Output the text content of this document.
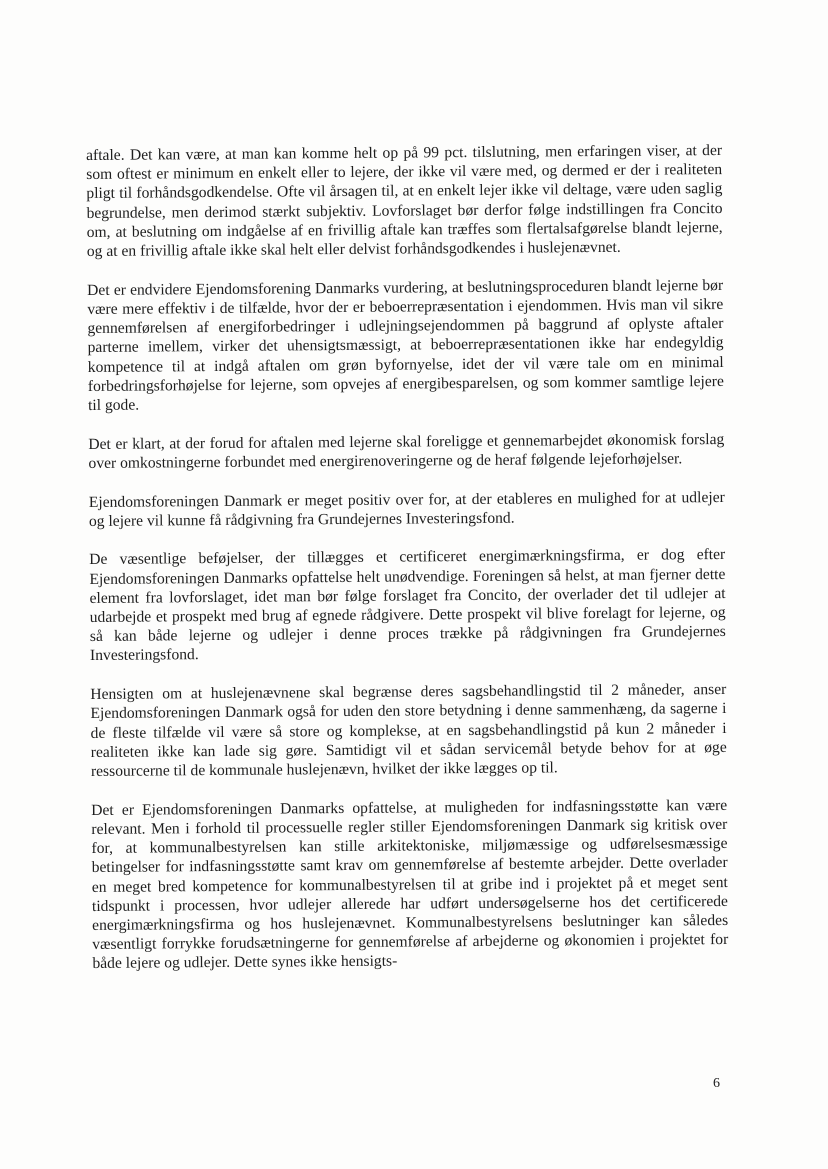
aftale. Det kan være, at man kan komme helt op på 99 pct. tilslutning, men erfaringen viser, at der som oftest er minimum en enkelt eller to lejere, der ikke vil være med, og dermed er der i realiteten pligt til forhåndsgodkendelse. Ofte vil årsagen til, at en enkelt lejer ikke vil deltage, være uden saglig begrundelse, men derimod stærkt subjektiv. Lovforslaget bør derfor følge indstillingen fra Concito om, at beslutning om indgåelse af en frivillig aftale kan træffes som flertalsafgørelse blandt lejerne, og at en frivillig aftale ikke skal helt eller delvist forhåndsgodkendes i huslejenævnet.

Det er endvidere Ejendomsforening Danmarks vurdering, at beslutningsproceduren blandt lejerne bør være mere effektiv i de tilfælde, hvor der er beboerrepræsentation i ejendommen. Hvis man vil sikre gennemførelsen af energiforbedringer i udlejningsejendommen på baggrund af oplyste aftaler parterne imellem, virker det uhensigtsmæssigt, at beboerrepræsentationen ikke har endegyldig kompetence til at indgå aftalen om grøn byfornyelse, idet der vil være tale om en minimal forbedringsforhøjelse for lejerne, som opvejes af energibesparelsen, og som kommer samtlige lejere til gode.

Det er klart, at der forud for aftalen med lejerne skal foreligge et gennemarbejdet økonomisk forslag over omkostningerne forbundet med energirenoveringerne og de heraf følgende lejeforhøjelser.

Ejendomsforeningen Danmark er meget positiv over for, at der etableres en mulighed for at udlejer og lejere vil kunne få rådgivning fra Grundejernes Investeringsfond.

De væsentlige beføjelser, der tillægges et certificeret energimærkningsfirma, er dog efter Ejendomsforeningen Danmarks opfattelse helt unødvendige. Foreningen så helst, at man fjerner dette element fra lovforslaget, idet man bør følge forslaget fra Concito, der overlader det til udlejer at udarbejde et prospekt med brug af egnede rådgivere. Dette prospekt vil blive forelagt for lejerne, og så kan både lejerne og udlejer i denne proces trække på rådgivningen fra Grundejernes Investeringsfond.

Hensigten om at huslejenævnene skal begrænse deres sagsbehandlingstid til 2 måneder, anser Ejendomsforeningen Danmark også for uden den store betydning i denne sammenhæng, da sagerne i de fleste tilfælde vil være så store og komplekse, at en sagsbehandlingstid på kun 2 måneder i realiteten ikke kan lade sig gøre. Samtidigt vil et sådan servicemål betyde behov for at øge ressourcerne til de kommunale huslejenævn, hvilket der ikke lægges op til.

Det er Ejendomsforeningen Danmarks opfattelse, at muligheden for indfasningsstøtte kan være relevant. Men i forhold til processuelle regler stiller Ejendomsforeningen Danmark sig kritisk over for, at kommunalbestyrelsen kan stille arkitektoniske, miljømæssige og udførelsesmæssige betingelser for indfasningsstøtte samt krav om gennemførelse af bestemte arbejder. Dette overlader en meget bred kompetence for kommunalbestyrelsen til at gribe ind i projektet på et meget sent tidspunkt i processen, hvor udlejer allerede har udført undersøgelserne hos det certificerede energimærkningsfirma og hos huslejenævnet. Kommunalbestyrelsens beslutninger kan således væsentligt forrykke forudsætningerne for gennemførelse af arbejderne og økonomien i projektet for både lejere og udlejer. Dette synes ikke hensigts-

6
